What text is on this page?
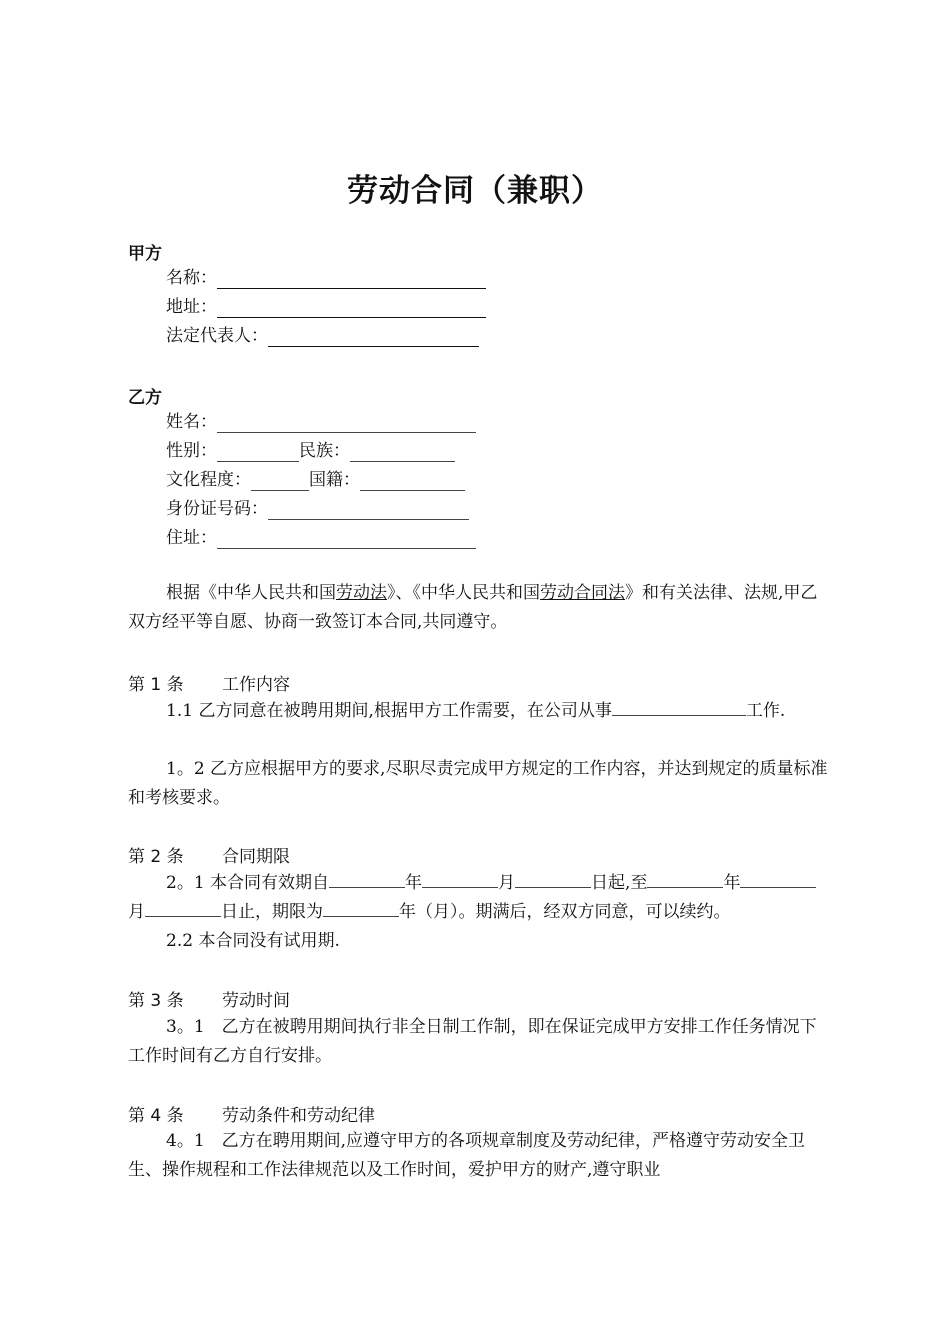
劳动合同（兼职）
甲方
名称：
地址：
法定代表人：
乙方
姓名：
性别：	民族：
文化程度：	国籍：
身份证号码：
住址：
根据《中华人民共和国劳动法》、《中华人民共和国劳动合同法》和有关法律、法规,甲乙双方经平等自愿、协商一致签订本合同,共同遵守。
第 1 条 工作内容
1.1 乙方同意在被聘用期间,根据甲方工作需要，在公司从事	工作.
1。2 乙方应根据甲方的要求,尽职尽责完成甲方规定的工作内容，并达到规定的质量标准和考核要求。
第 2 条 合同期限
2。1 本合同有效期自	年	月	日起,至	年月	日止，期限为	年（月）。期满后，经双方同意，可以续约。
2.2 本合同没有试用期.
第 3 条 劳动时间
3。1　乙方在被聘用期间执行非全日制工作制，即在保证完成甲方安排工作任务情况下工作时间有乙方自行安排。
第 4 条 劳动条件和劳动纪律
4。1　乙方在聘用期间,应遵守甲方的各项规章制度及劳动纪律，严格遵守劳动安全卫生、操作规程和工作法律规范以及工作时间，爱护甲方的财产,遵守职业
